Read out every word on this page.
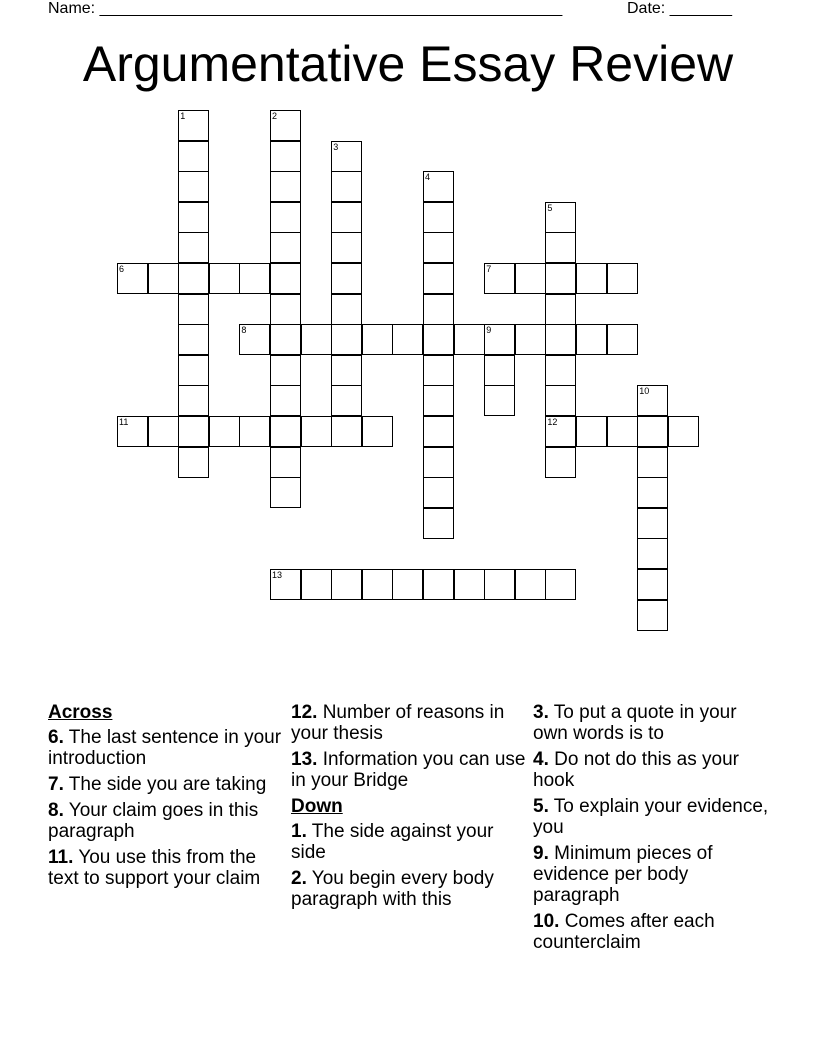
Name: ____________________________________________________	Date: _______
Argumentative Essay Review
1	2
3
4
5
12
6	7
8	9
10
11
13
Across
6. The last sentence in your introduction
7. The side you are taking
8. Your claim goes in this paragraph
11. You use this from the text to support your claim
12. Number of reasons in your thesis
13. Information you can use in your Bridge
Down
1. The side against your side
2. You begin every body paragraph with this
3. To put a quote in your own words is to
4. Do not do this as your hook
5. To explain your evidence, you
9. Minimum pieces of evidence per body paragraph
10. Comes after each counterclaim
